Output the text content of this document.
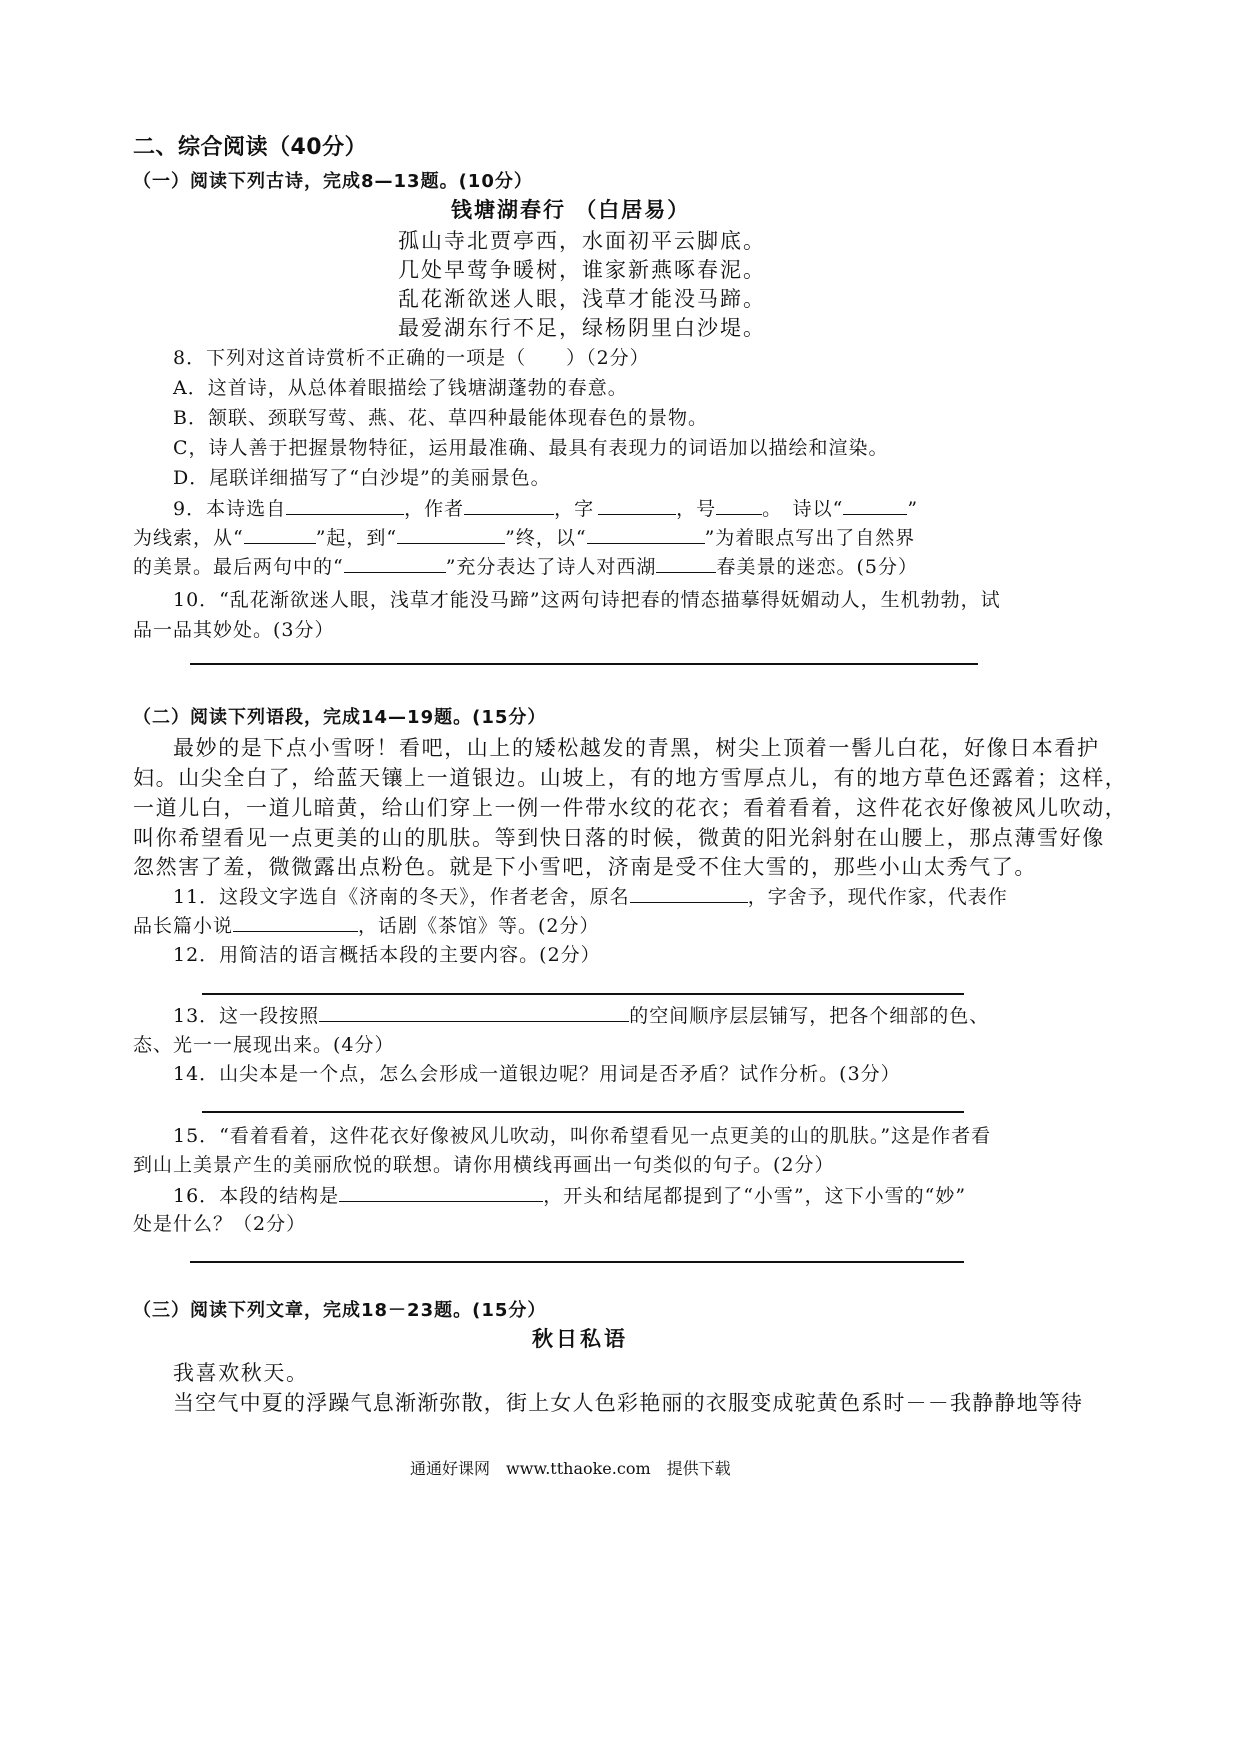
二、综合阅读（40分）
（一）阅读下列古诗，完成8—13题。(10分）
钱塘湖春行 （白居易）
孤山寺北贾亭西，水面初平云脚底。
几处早莺争暖树，谁家新燕啄春泥。
乱花渐欲迷人眼，浅草才能没马蹄。
最爱湖东行不足，绿杨阴里白沙堤。
8．下列对这首诗赏析不正确的一项是（　　）（2分）
A．这首诗，从总体着眼描绘了钱塘湖蓬勃的春意。
B．颔联、颈联写莺、燕、花、草四种最能体现春色的景物。
C，诗人善于把握景物特征，运用最准确、最具有表现力的词语加以描绘和渲染。
D．尾联详细描写了“白沙堤”的美丽景色。
9．本诗选自	，作者	，字	，号 。　诗以“	”
为线索，从“	”起，到“	”终，以“	”为着眼点写出了自然界
的美景。最后两句中的“	”充分表达了诗人对西湖	春美景的迷恋。(5分）
10．“乱花渐欲迷人眼，浅草才能没马蹄”这两句诗把春的情态描摹得妩媚动人，生机勃勃，试
品一品其妙处。(3分）
（二）阅读下列语段，完成14—19题。(15分）
最妙的是下点小雪呀！看吧，山上的矮松越发的青黑，树尖上顶着一髻儿白花，好像日本看护
妇。山尖全白了，给蓝天镶上一道银边。山坡上，有的地方雪厚点儿，有的地方草色还露着；这样，
一道儿白，一道儿暗黄，给山们穿上一例一件带水纹的花衣；看着看着，这件花衣好像被风儿吹动，
叫你希望看见一点更美的山的肌肤。等到快日落的时候，微黄的阳光斜射在山腰上，那点薄雪好像
忽然害了羞，微微露出点粉色。就是下小雪吧，济南是受不住大雪的，那些小山太秀气了。
11．这段文字选自《济南的冬天》，作者老舍，原名	，字舍予，现代作家，代表作
品长篇小说	，话剧《茶馆》等。(2分）
12．用简洁的语言概括本段的主要内容。(2分）
13．这一段按照	的空间顺序层层铺写，把各个细部的色、
态、光一一展现出来。(4分）
14．山尖本是一个点，怎么会形成一道银边呢？用词是否矛盾？试作分析。(3分）
15．“看着看着，这件花衣好像被风儿吹动，叫你希望看见一点更美的山的肌肤。”这是作者看
到山上美景产生的美丽欣悦的联想。请你用横线再画出一句类似的句子。(2分）
16．本段的结构是	，开头和结尾都提到了“小雪”，这下小雪的“妙”
处是什么？（2分）
（三）阅读下列文章，完成18－23题。(15分）
秋日私语
我喜欢秋天。
当空气中夏的浮躁气息渐渐弥散，街上女人色彩艳丽的衣服变成驼黄色系时－－我静静地等待
通通好课网　www.tthaoke.com　提供下载
